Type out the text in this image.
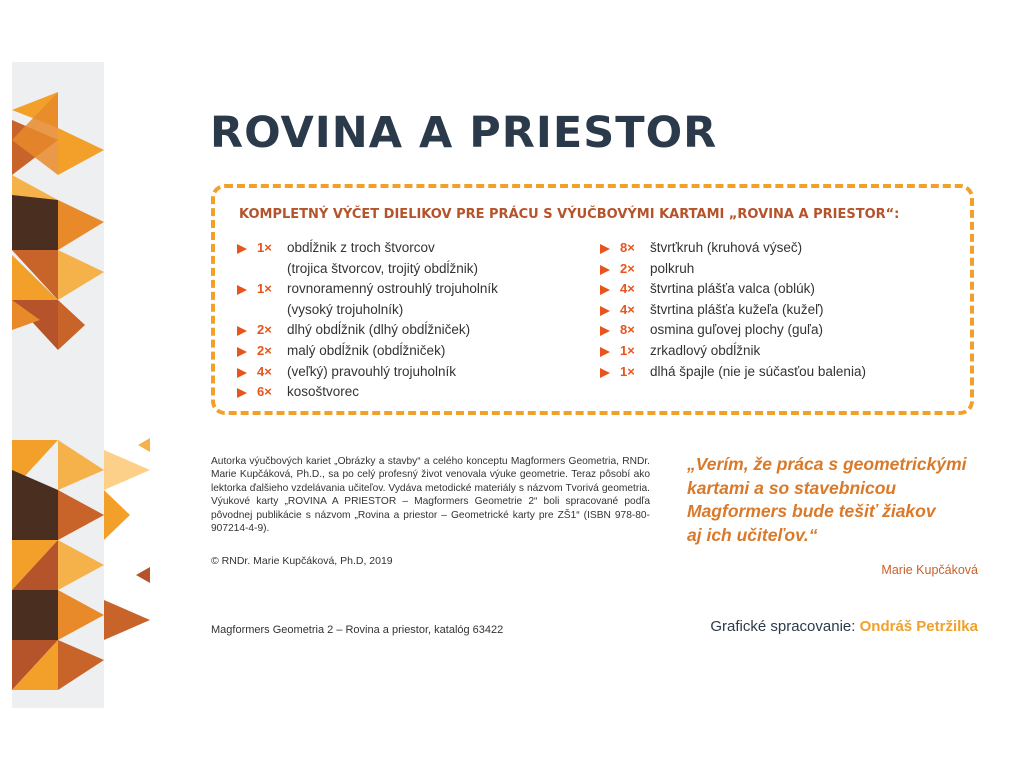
ROVINA A PRIESTOR
KOMPLETNÝ VÝČET DIELIKOV PRE PRÁCU S VÝUČBOVÝMI KARTAMI „ROVINA A PRIESTOR“:
1× obdĺžnik z troch štvorcov
(trojica štvorcov, trojitý obdĺžnik)
1× rovnoramenný ostrouhlý trojuholník
(vysoký trojuholník)
2× dlhý obdĺžnik (dlhý obdĺžniček)
2× malý obdĺžnik (obdĺžniček)
4× (veľký) pravouhlý trojuholník
6× kosoštvorec
8× štvrťkruh (kruhová výseč)
2× polkruh
4× štvrtina plášťa valca (oblúk)
4× štvrtina plášťa kužeľa (kužeľ)
8× osmina guľovej plochy (guľa)
1× zrkadlový obdĺžnik
1× dlhá špajle (nie je súčasťou balenia)

Autorka výučbových kariet „Obrázky a stavby“ a celého konceptu Magformers Geometria, RNDr. Marie Kupčáková, Ph.D., sa po celý profesný život venovala výuke geometrie. Teraz pôsobí ako lektorka ďalšieho vzdelávania učiteľov. Vydáva metodické materiály s názvom Tvorivá geometria. Výukové karty „ROVINA A PRIESTOR – Magformers Geometrie 2“ boli spracované podľa pôvodnej publikácie s názvom „Rovina a priestor – Geometrické karty pre ZŠ1“ (ISBN 978-80-907214-4-9).

© RNDr. Marie Kupčáková, Ph.D, 2019

„Verím, že práca s geometrickými
kartami a so stavebnicou
Magformers bude tešiť žiakov
aj ich učiteľov.“

Marie Kupčáková

Magformers Geometria 2 – Rovina a priestor, katalóg 63422	Grafické spracovanie: Ondráš Petržilka
